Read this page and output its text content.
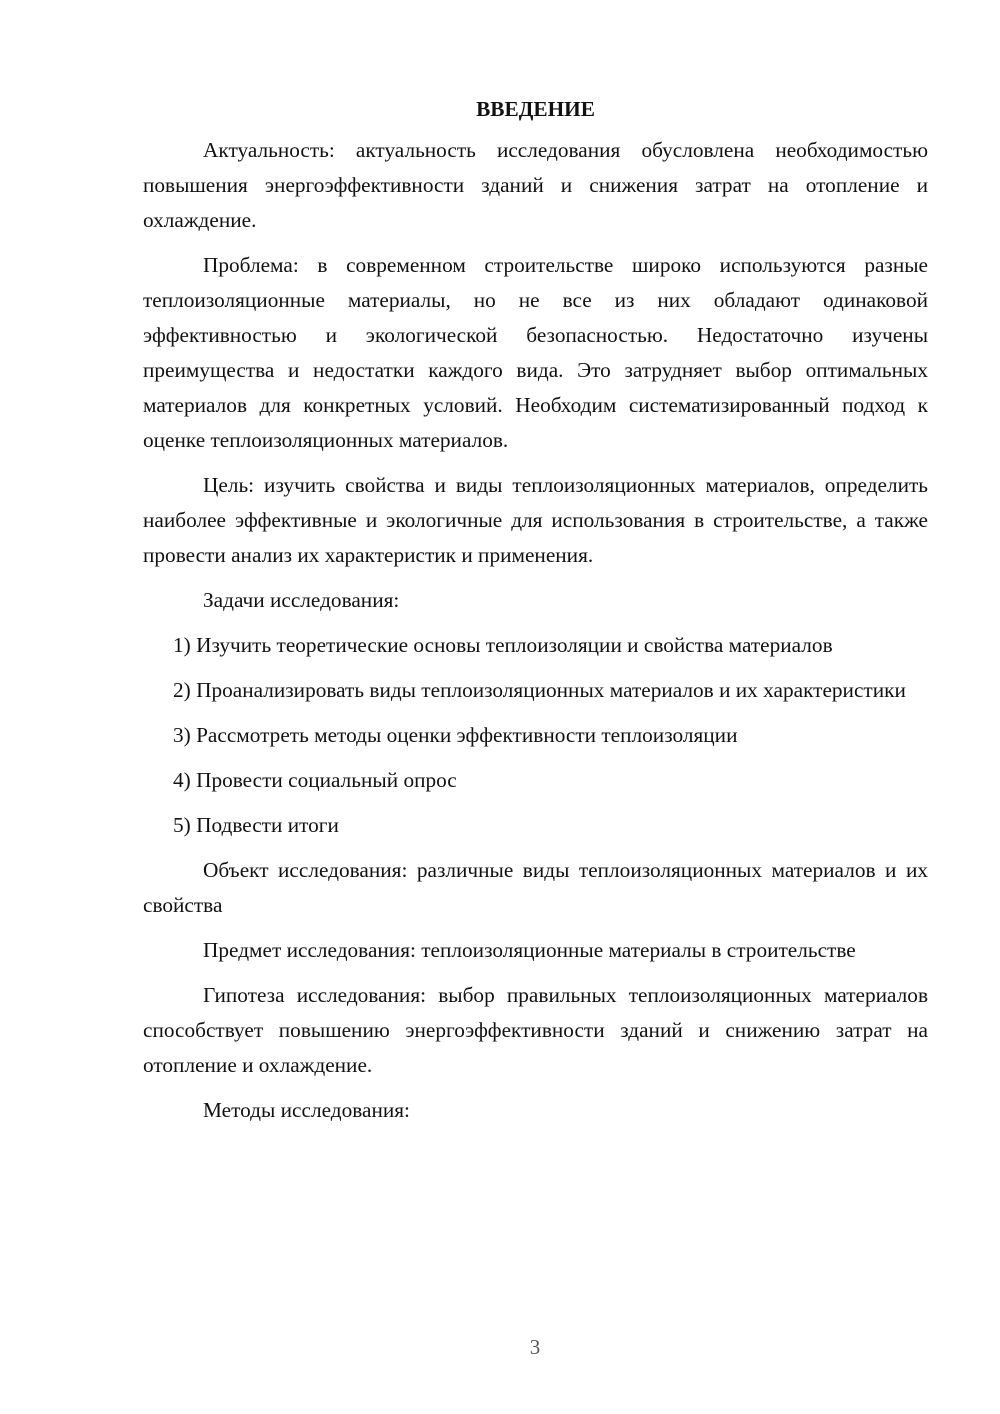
ВВЕДЕНИЕ

Актуальность: актуальность исследования обусловлена необходимостью повышения энергоэффективности зданий и снижения затрат на отопление и охлаждение.

Проблема: в современном строительстве широко используются разные теплоизоляционные материалы, но не все из них обладают одинаковой эффективностью и экологической безопасностью. Недостаточно изучены преимущества и недостатки каждого вида. Это затрудняет выбор оптимальных материалов для конкретных условий. Необходим систематизированный подход к оценке теплоизоляционных материалов.

Цель: изучить свойства и виды теплоизоляционных материалов, определить наиболее эффективные и экологичные для использования в строительстве, а также провести анализ их характеристик и применения.

Задачи исследования:

1) Изучить теоретические основы теплоизоляции и свойства материалов

2) Проанализировать виды теплоизоляционных материалов и их характеристики

3) Рассмотреть методы оценки эффективности теплоизоляции

4) Провести социальный опрос

5) Подвести итоги

Объект исследования: различные виды теплоизоляционных материалов и их свойства

Предмет исследования: теплоизоляционные материалы в строительстве

Гипотеза исследования: выбор правильных теплоизоляционных материалов способствует повышению энергоэффективности зданий и снижению затрат на отопление и охлаждение.

Методы исследования:

3
